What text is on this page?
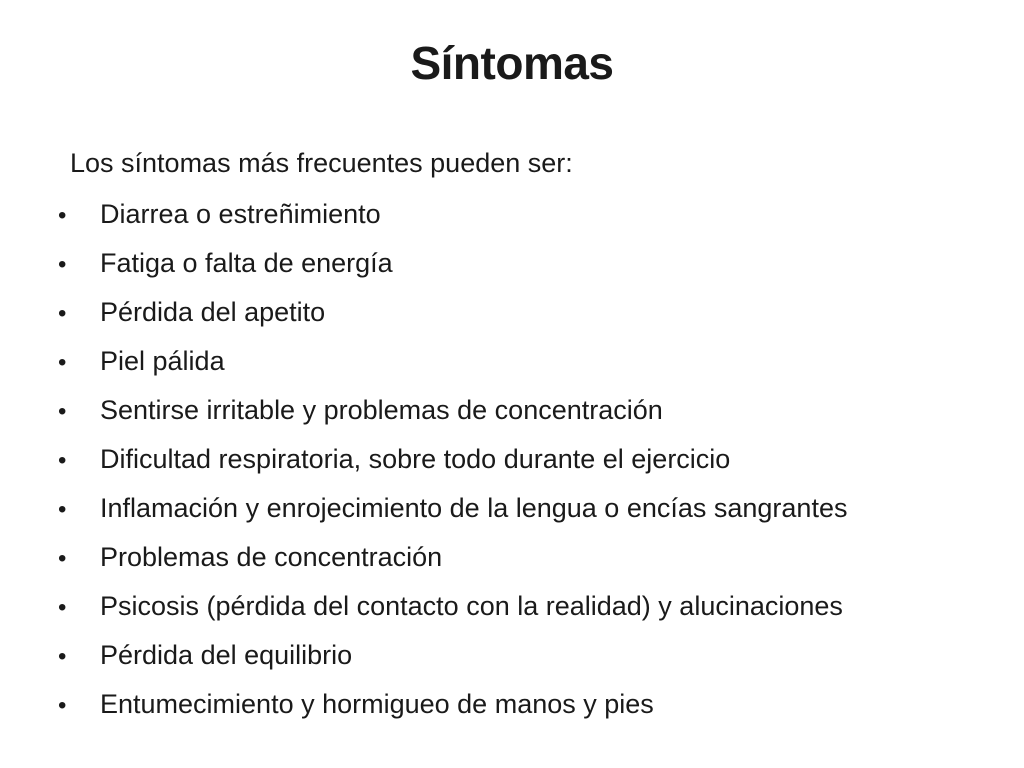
Síntomas
Los síntomas más frecuentes pueden ser:
•	Diarrea o estreñimiento
•	Fatiga o falta de energía
•	Pérdida del apetito
•	Piel pálida
•	Sentirse irritable y problemas de concentración
•	Dificultad respiratoria, sobre todo durante el ejercicio
•	Inflamación y enrojecimiento de la lengua o encías sangrantes
•	Problemas de concentración
•	Psicosis (pérdida del contacto con la realidad) y alucinaciones
•	Pérdida del equilibrio
•	Entumecimiento y hormigueo de manos y pies
